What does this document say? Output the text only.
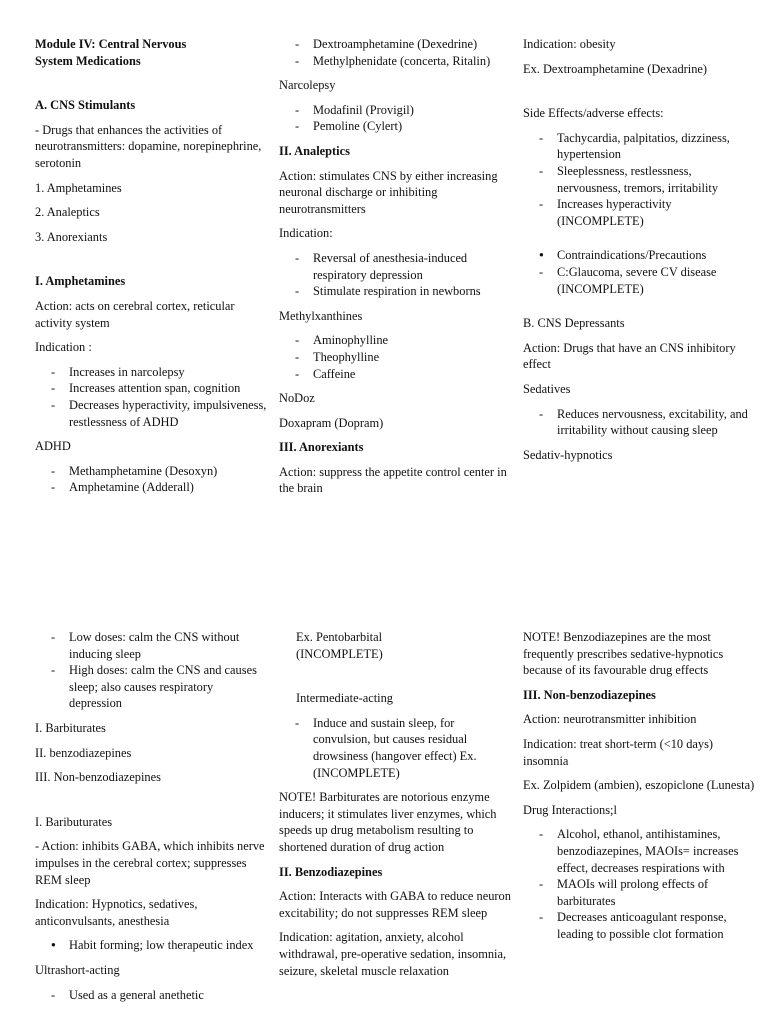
Module IV: Central Nervous
System Medications

A. CNS Stimulants

- Drugs that enhances the activities of neurotransmitters: dopamine, norepinephrine, serotonin

1. Amphetamines

2. Analeptics

3. Anorexiants

I. Amphetamines

Action: acts on cerebral cortex, reticular activity system

Indication :

- Increases in narcolepsy
- Increases attention span, cognition
- Decreases hyperactivity, impulsiveness, restlessness of ADHD

ADHD

- Methamphetamine (Desoxyn)
- Amphetamine (Adderall)
- Dextroamphetamine (Dexedrine)
- Methylphenidate (concerta, Ritalin)

Narcolepsy

- Modafinil (Provigil)
- Pemoline (Cylert)

II. Analeptics

Action: stimulates CNS by either increasing neuronal discharge or inhibiting neurotransmitters

Indication:

- Reversal of anesthesia-induced respiratory depression
- Stimulate respiration in newborns

Methylxanthines

- Aminophylline
- Theophylline
- Caffeine

NoDoz

Doxapram (Dopram)

III. Anorexiants

Action: suppress the appetite control center in the brain

Indication: obesity

Ex. Dextroamphetamine (Dexadrine)

Side Effects/adverse effects:

- Tachycardia, palpitatios, dizziness, hypertension
- Sleeplessness, restlessness, nervousness, tremors, irritability
- Increases hyperactivity (INCOMPLETE)
● Contraindications/Precautions
- C:Glaucoma, severe CV disease (INCOMPLETE)

B. CNS Depressants

Action: Drugs that have an CNS inhibitory effect

Sedatives

- Reduces nervousness, excitability, and irritability without causing sleep

Sedativ-hypnotics

- Low doses: calm the CNS without inducing sleep
- High doses: calm the CNS and causes sleep; also causes respiratory depression

I. Barbiturates

II. benzodiazepines

III. Non-benzodiazepines

I. Baributurates

- Action: inhibits GABA, which inhibits nerve impulses in the cerebral cortex; suppresses REM sleep

Indication: Hypnotics, sedatives, anticonvulsants, anesthesia

● Habit forming; low therapeutic index

Ultrashort-acting

- Used as a general anethetic

Ex. Pentobarbital
(INCOMPLETE)

Intermediate-acting

- Induce and sustain sleep, for convulsion, but causes residual drowsiness (hangover effect) Ex. (INCOMPLETE)

NOTE! Barbiturates are notorious enzyme inducers; it stimulates liver enzymes, which speeds up drug metabolism resulting to shortened duration of drug action

II. Benzodiazepines

Action: Interacts with GABA to reduce neuron excitability; do not suppresses REM sleep

Indication: agitation, anxiety, alcohol withdrawal, pre-operative sedation, insomnia, seizure, skeletal muscle relaxation

NOTE! Benzodiazepines are the most frequently prescribes sedative-hypnotics because of its favourable drug effects

III. Non-benzodiazepines

Action: neurotransmitter inhibition

Indication: treat short-term (<10 days) insomnia

Ex. Zolpidem (ambien), eszopiclone (Lunesta)

Drug Interactions;l

- Alcohol, ethanol, antihistamines, benzodiazepines, MAOIs= increases effect, decreases respirations with
- MAOIs will prolong effects of barbiturates
- Decreases anticoagulant response, leading to possible clot formation
